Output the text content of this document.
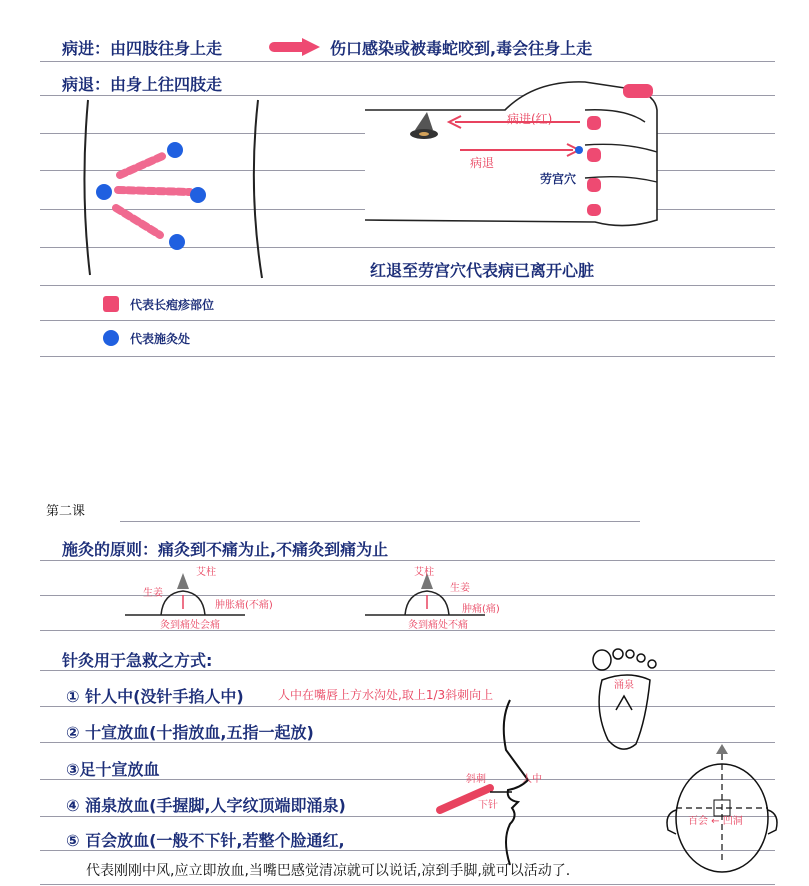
病进：由四肢往身上走	伤口感染或被毒蛇咬到,毒会往身上走
病退：由身上往四肢走
病进(红)
病退
劳宫穴
红退至劳宫穴代表病已离开心脏
代表长疱疹部位
代表施灸处
第二课
施灸的原则：痛灸到不痛为止,不痛灸到痛为止
艾柱
生姜
肿胀痛(不痛)
灸到痛处会痛
艾柱
生姜
肿痛(痛)
灸到痛处不痛
针灸用于急救之方式:
① 针人中(没针手掐人中)	人中在嘴唇上方水沟处,取上1/3斜刺向上
② 十宣放血(十指放血,五指一起放)
③足十宣放血
④ 涌泉放血(手握脚,人字纹顶端即涌泉)
⑤ 百会放血(一般不下针,若整个脸通红,
代表刚刚中风,应立即放血,当嘴巴感觉清凉就可以说话,凉到手脚,就可以活动了.
斜刺	人中
下针
涌泉
百会 ← 凹洞
